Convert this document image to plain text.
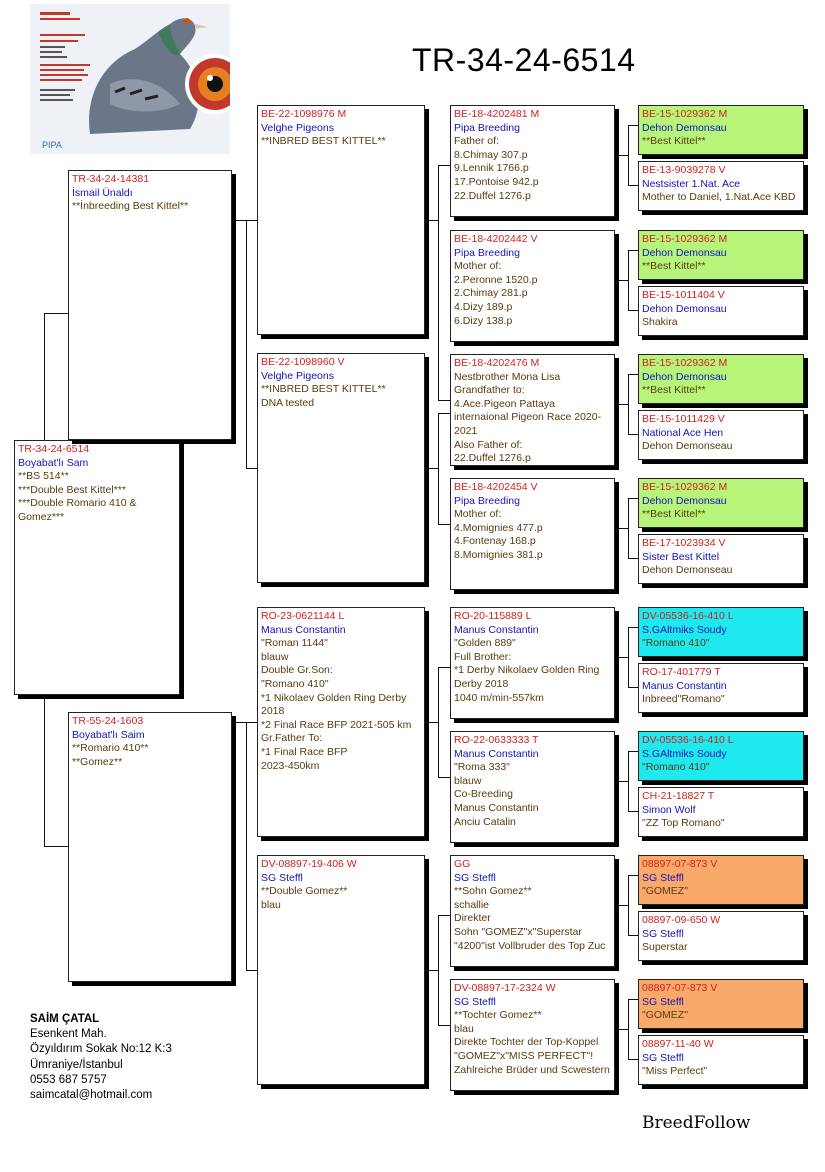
PIPA
TR-34-24-6514
TR-34-24-6514
Boyabat'lı Sam
**BS 514**
***Double Best Kittel***
***Double Romario 410 & Gomez***
TR-34-24-14381
İsmail Ünaldı
**İnbreeding Best Kittel**
TR-55-24-1603
Boyabat'lı Saim
**Romario 410**
**Gomez**
BE-22-1098976 M
Velghe Pigeons
**INBRED BEST KITTEL**
BE-22-1098960 V
Velghe Pigeons
**INBRED BEST KITTEL**
DNA tested
RO-23-0621144 L
Manus Constantin
"Roman 1144"
blauw
Double Gr.Son:
"Romano 410"
*1 Nikolaev Golden Ring Derby 2018
*2 Final Race BFP 2021-505 km
Gr.Father To:
*1 Final Race BFP
2023-450km
DV-08897-19-406 W
SG Steffl
**Double Gomez**
blau
BE-18-4202481 M
Pipa Breeding
Father of:
8.Chimay 307.p
9.Lennik 1766.p
17.Pontoise 942.p
22.Duffel 1276.p
BE-18-4202442 V
Pipa Breeding
Mother of:
2.Peronne 1520.p
2.Chimay 281.p
4.Dizy 189.p
6.Dizy 138.p
BE-18-4202476 M
Nestbrother Mona Lisa
Grandfather to:
4.Ace.Pigeon Pattaya internaional Pigeon Race 2020-2021
Also Father of:
22.Duffel 1276.p
BE-18-4202454 V
Pipa Breeding
Mother of:
4.Momignies 477.p
4.Fontenay 168.p
8.Momignies 381.p
RO-20-115889 L
Manus Constantin
"Golden 889"
Full Brother:
*1 Derby Nikolaev Golden Ring Derby 2018
1040 m/min-557km
RO-22-0633333 T
Manus Constantin
"Roma 333"
blauw
Co-Breeding
Manus Constantin
Anciu Catalin
GG
SG Steffl
**Sohn Gomez**
schallie
Direkter
Sohn "GOMEZ"x"Superstar
"4200"ist Vollbruder des Top Zuc
DV-08897-17-2324 W
SG Steffl
**Tochter Gomez**
blau
Direkte Tochter der Top-Koppel "GOMEZ"x"MISS PERFECT"!
Zahlreiche Brüder und Scwestern
BE-15-1029362 M
Dehon Demonsau
**Best Kittel**
BE-13-9039278 V
Nestsister 1.Nat. Ace
Mother to Daniel, 1.Nat.Ace KBD
BE-15-1029362 M
Dehon Demonsau
**Best Kittel**
BE-15-1011404 V
Dehon Demonsau
Shakira
BE-15-1029362 M
Dehon Demonsau
**Best Kittel**
BE-15-1011429 V
National Ace Hen
Dehon Demonseau
BE-15-1029362 M
Dehon Demonsau
**Best Kittel**
BE-17-1023934 V
Sister Best Kittel
Dehon Demonseau
DV-05536-16-410 L
S.GAltmiks Soudy
"Romano 410"
RO-17-401779 T
Manus Constantin
Inbreed"Romano"
DV-05536-16-410 L
S.GAltmiks Soudy
"Romano 410"
CH-21-18827 T
Simon Wolf
"ZZ Top Romano"
08897-07-873 V
SG Steffl
"GOMEZ"
08897-09-650 W
SG Steffl
Superstar
08897-07-873 V
SG Steffl
"GOMEZ"
08897-11-40 W
SG Steffl
"Miss Perfect"
SAİM ÇATAL
Esenkent Mah.
Özyıldırım Sokak No:12 K:3
Ümraniye/İstanbul
0553 687 5757
saimcatal@hotmail.com
BreedFollow
